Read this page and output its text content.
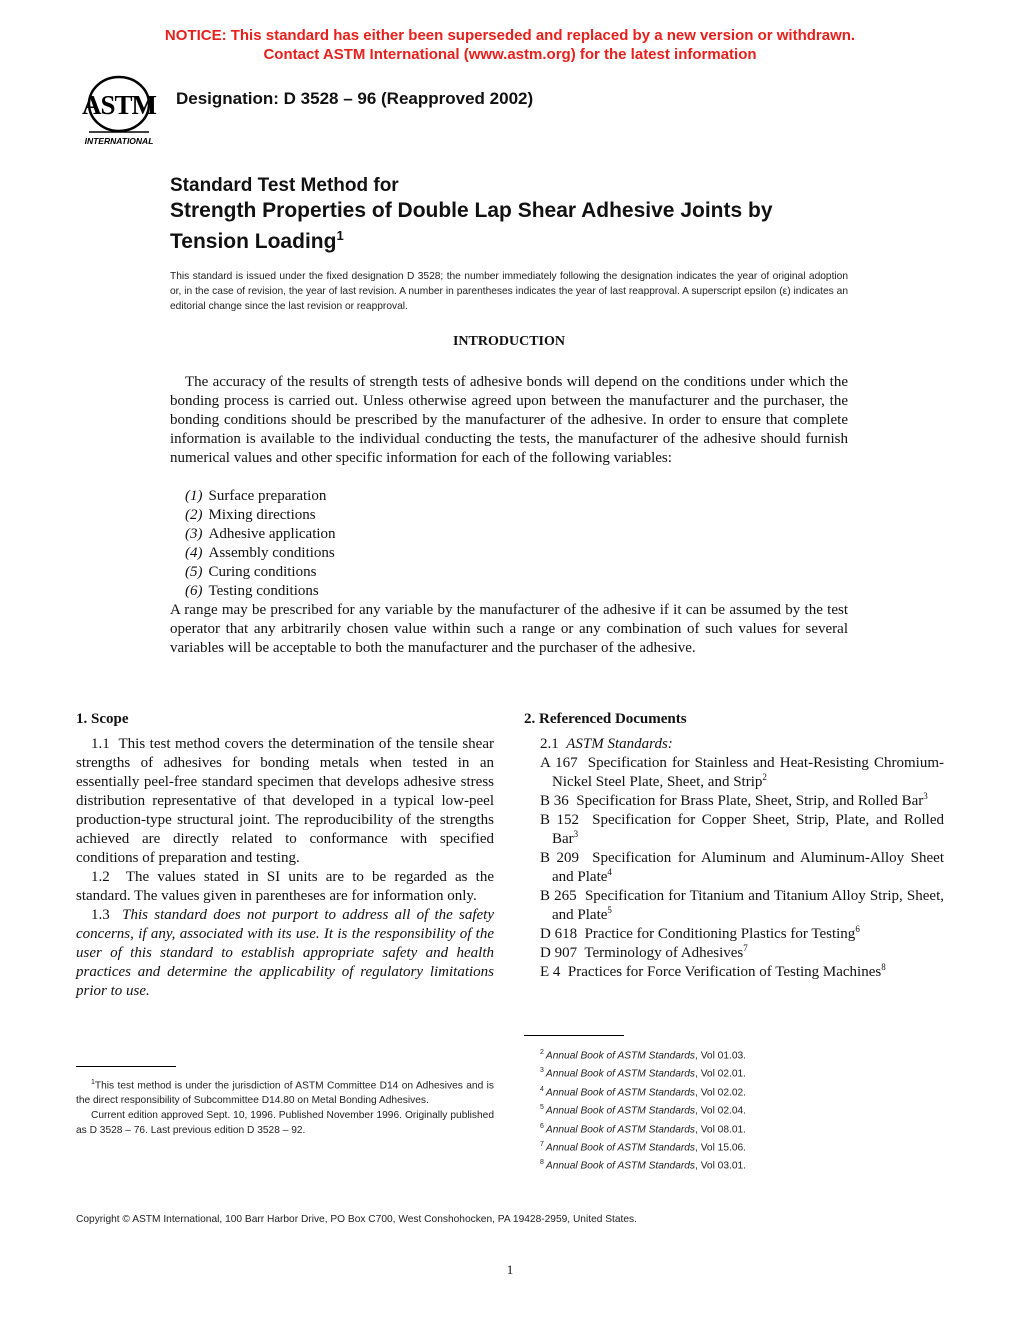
NOTICE: This standard has either been superseded and replaced by a new version or withdrawn.
Contact ASTM International (www.astm.org) for the latest information
ASTM
INTERNATIONAL
Designation: D 3528 – 96 (Reapproved 2002)
Standard Test Method for
Strength Properties of Double Lap Shear Adhesive Joints by
Tension Loading$^1$
This standard is issued under the fixed designation D 3528; the number immediately following the designation indicates the year of original adoption or, in the case of revision, the year of last revision. A number in parentheses indicates the year of last reapproval. A superscript epsilon (ε) indicates an editorial change since the last revision or reapproval.
INTRODUCTION
The accuracy of the results of strength tests of adhesive bonds will depend on the conditions under which the bonding process is carried out. Unless otherwise agreed upon between the manufacturer and the purchaser, the bonding conditions should be prescribed by the manufacturer of the adhesive. In order to ensure that complete information is available to the individual conducting the tests, the manufacturer of the adhesive should furnish numerical values and other specific information for each of the following variables:
(1) Surface preparation
(2) Mixing directions
(3) Adhesive application
(4) Assembly conditions
(5) Curing conditions
(6) Testing conditions
A range may be prescribed for any variable by the manufacturer of the adhesive if it can be assumed by the test operator that any arbitrarily chosen value within such a range or any combination of such values for several variables will be acceptable to both the manufacturer and the purchaser of the adhesive.
1. Scope

1.1 This test method covers the determination of the tensile shear strengths of adhesives for bonding metals when tested in an essentially peel-free standard specimen that develops adhesive stress distribution representative of that developed in a typical low-peel production-type structural joint. The reproducibility of the strengths achieved are directly related to conformance with specified conditions of preparation and testing.

1.2 The values stated in SI units are to be regarded as the standard. The values given in parentheses are for information only.

1.3 This standard does not purport to address all of the safety concerns, if any, associated with its use. It is the responsibility of the user of this standard to establish appropriate safety and health practices and determine the applicability of regulatory limitations prior to use.

2. Referenced Documents
2.1 ASTM Standards:
A 167 Specification for Stainless and Heat-Resisting Chromium-Nickel Steel Plate, Sheet, and Strip$^2$
B 36 Specification for Brass Plate, Sheet, Strip, and Rolled Bar$^3$
B 152 Specification for Copper Sheet, Strip, Plate, and Rolled Bar$^3$
B 209 Specification for Aluminum and Aluminum-Alloy Sheet and Plate$^4$
B 265 Specification for Titanium and Titanium Alloy Strip, Sheet, and Plate$^5$
D 618 Practice for Conditioning Plastics for Testing$^6$
D 907 Terminology of Adhesives$^7$
E 4 Practices for Force Verification of Testing Machines$^8$

$^1$This test method is under the jurisdiction of ASTM Committee D14 on Adhesives and is the direct responsibility of Subcommittee D14.80 on Metal Bonding Adhesives.

Current edition approved Sept. 10, 1996. Published November 1996. Originally published as D 3528 – 76. Last previous edition D 3528 – 92.

$^2$ Annual Book of ASTM Standards, Vol 01.03.
$^3$ Annual Book of ASTM Standards, Vol 02.01.
$^4$ Annual Book of ASTM Standards, Vol 02.02.
$^5$ Annual Book of ASTM Standards, Vol 02.04.
$^6$ Annual Book of ASTM Standards, Vol 08.01.
$^7$ Annual Book of ASTM Standards, Vol 15.06.
$^8$ Annual Book of ASTM Standards, Vol 03.01.
Copyright © ASTM International, 100 Barr Harbor Drive, PO Box C700, West Conshohocken, PA 19428-2959, United States.
1
